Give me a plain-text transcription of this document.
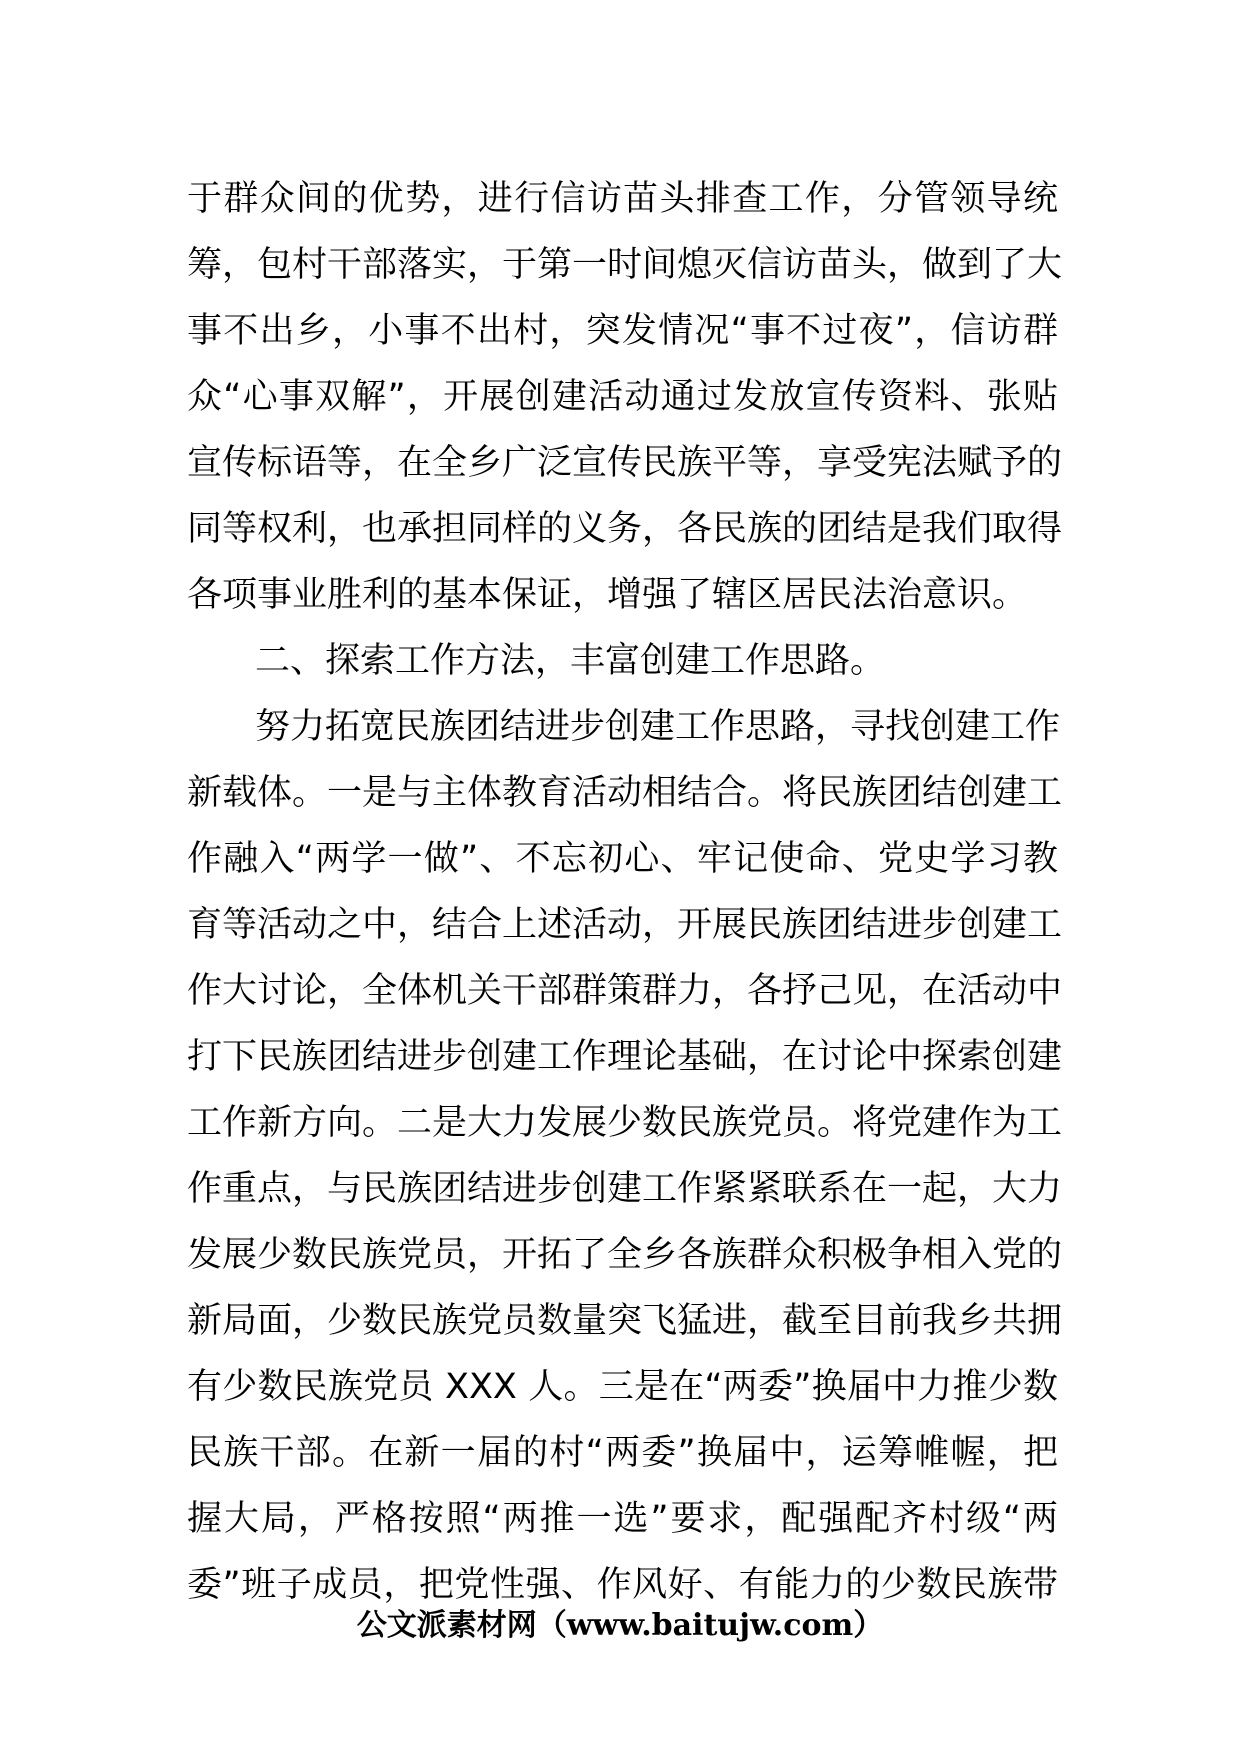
于群众间的优势，进行信访苗头排查工作，分管领导统
筹，包村干部落实，于第一时间熄灭信访苗头，做到了大
事不出乡，小事不出村，突发情况“事不过夜”，信访群
众“心事双解”，开展创建活动通过发放宣传资料、张贴
宣传标语等，在全乡广泛宣传民族平等，享受宪法赋予的
同等权利，也承担同样的义务，各民族的团结是我们取得
各项事业胜利的基本保证，增强了辖区居民法治意识。
二、探索工作方法，丰富创建工作思路。
努力拓宽民族团结进步创建工作思路，寻找创建工作
新载体。一是与主体教育活动相结合。将民族团结创建工
作融入“两学一做”、不忘初心、牢记使命、党史学习教
育等活动之中，结合上述活动，开展民族团结进步创建工
作大讨论，全体机关干部群策群力，各抒己见，在活动中
打下民族团结进步创建工作理论基础，在讨论中探索创建
工作新方向。二是大力发展少数民族党员。将党建作为工
作重点，与民族团结进步创建工作紧紧联系在一起，大力
发展少数民族党员，开拓了全乡各族群众积极争相入党的
新局面，少数民族党员数量突飞猛进，截至目前我乡共拥
有少数民族党员 XXX 人。三是在“两委”换届中力推少数
民族干部。在新一届的村“两委”换届中，运筹帷幄，把
握大局，严格按照“两推一选”要求，配强配齐村级“两
委”班子成员，把党性强、作风好、有能力的少数民族带
公文派素材网（www.baitujw.com）
